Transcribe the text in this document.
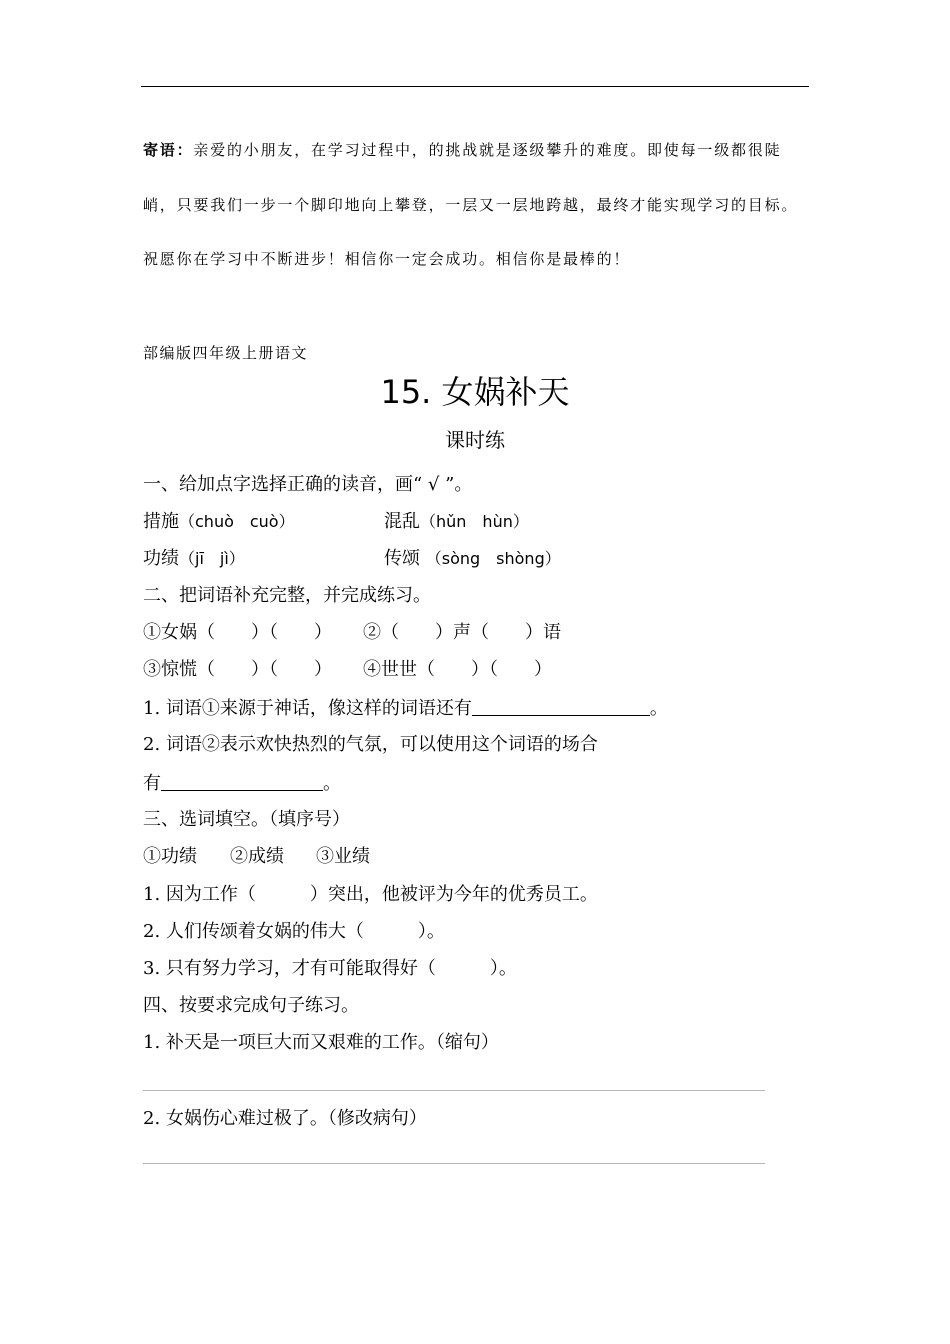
寄语：亲爱的小朋友，在学习过程中，的挑战就是逐级攀升的难度。即使每一级都很陡
峭，只要我们一步一个脚印地向上攀登，一层又一层地跨越，最终才能实现学习的目标。
祝愿你在学习中不断进步！相信你一定会成功。相信你是最棒的！
部编版四年级上册语文
15. 女娲补天
课时练
一、给加点字选择正确的读音，画“ √ ”。
措施（chuò　cuò）	混乱（hǔn　hùn）
功绩（jī　jì）	传颂 （sòng　shòng）
二、把词语补充完整，并完成练习。
①女娲（　　）（　　） ②（　　）声（　　）语
③惊慌（　　）（　　） ④世世（　　）（　　）
1. 词语①来源于神话，像这样的词语还有	。
2. 词语②表示欢快热烈的气氛，可以使用这个词语的场合
有	。
三、选词填空。（填序号）
①功绩 ②成绩 ③业绩
1. 因为工作（　　　）突出，他被评为今年的优秀员工。
2. 人们传颂着女娲的伟大（　　　）。
3. 只有努力学习，才有可能取得好（　　　）。
四、按要求完成句子练习。
1. 补天是一项巨大而又艰难的工作。（缩句）
2. 女娲伤心难过极了。（修改病句）
